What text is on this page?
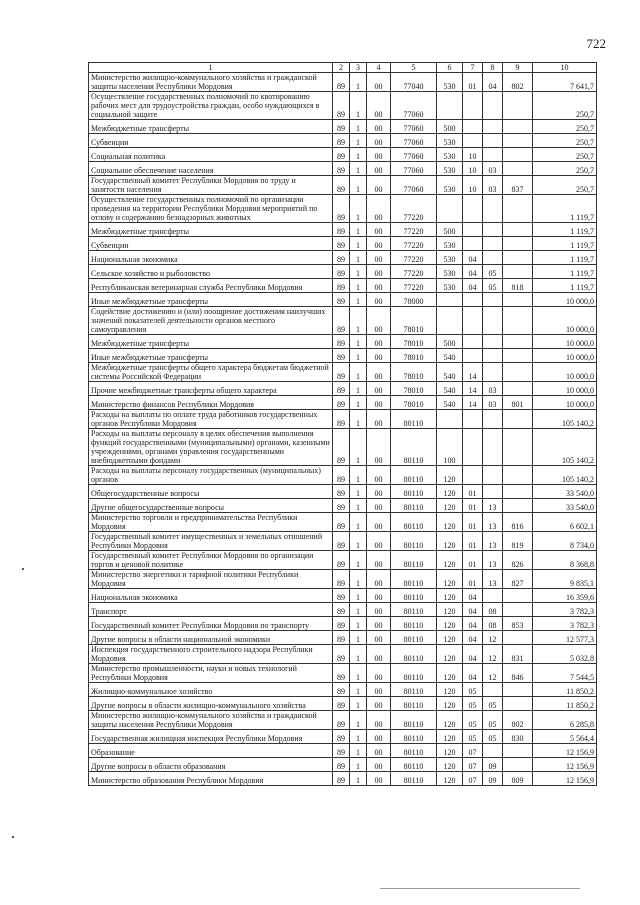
722
1	2	3	4	5	6	7	8	9	10
Министерство жилищно-коммунального хозяйства и гражданской защиты населения Республики Мордовия	89	1	00	77040	530	01	04	802	7 641,7
Осуществление государственных полномочий по квотированию рабочих мест для трудоустройства граждан, особо нуждающихся в социальной защите	89	1	00	77060					250,7
Межбюджетные трансферты	89	1	00	77060	500				250,7
Субвенции	89	1	00	77060	530				250,7
Социальная политика	89	1	00	77060	530	10			250,7
Социальное обеспечение населения	89	1	00	77060	530	10	03		250,7
Государственный комитет Республики Мордовия по труду и занятости населения	89	1	00	77060	530	10	03	837	250,7
Осуществление государственных полномочий по организации проведения на территории Республики Мордовия мероприятий по отлову и содержанию безнадзорных животных	89	1	00	77220					1 119,7
Межбюджетные трансферты	89	1	00	77220	500				1 119,7
Субвенции	89	1	00	77220	530				1 119,7
Национальная экономика	89	1	00	77220	530	04			1 119,7
Сельское хозяйство и рыболовство	89	1	00	77220	530	04	05		1 119,7
Республиканская ветеринарная служба Республики Мордовия	89	1	00	77220	530	04	05	818	1 119,7
Иные межбюджетные трансферты	89	1	00	78000					10 000,0
Содействие достижению и (или) поощрение достижения наилучших значений показателей деятельности органов местного самоуправления	89	1	00	78010					10 000,0
Межбюджетные трансферты	89	1	00	78010	500				10 000,0
Иные межбюджетные трансферты	89	1	00	78010	540				10 000,0
Межбюджетные трансферты общего характера бюджетам бюджетной системы Российской Федерации	89	1	00	78010	540	14			10 000,0
Прочие межбюджетные трансферты общего характера	89	1	00	78010	540	14	03		10 000,0
Министерство финансов Республики Мордовия	89	1	00	78010	540	14	03	801	10 000,0
Расходы на выплаты по оплате труда работников государственных органов Республики Мордовия	89	1	00	80110					105 140,2
Расходы на выплаты персоналу в целях обеспечения выполнения функций государственными (муниципальными) органами, казенными учреждениями, органами управления государственными внебюджетными фондами	89	1	00	80110	100				105 140,2
Расходы на выплаты персоналу государственных (муниципальных) органов	89	1	00	80110	120				105 140,2
Общегосударственные вопросы	89	1	00	80110	120	01			33 540,0
Другие общегосударственные вопросы	89	1	00	80110	120	01	13		33 540,0
Министерство торговли и предпринимательства Республики Мордовия	89	1	00	80110	120	01	13	816	6 602,1
Государственный комитет имущественных и земельных отношений Республики Мордовия	89	1	00	80110	120	01	13	819	8 734,0
Государственный комитет Республики Мордовия по организации торгов и ценовой политике	89	1	00	80110	120	01	13	826	8 368,8
Министерство энергетики и тарифной политики Республики Мордовия	89	1	00	80110	120	01	13	827	9 835,1
Национальная экономика	89	1	00	80110	120	04			16 359,6
Транспорт	89	1	00	80110	120	04	08		3 782,3
Государственный комитет Республики Мордовия по транспорту	89	1	00	80110	120	04	08	853	3 782,3
Другие вопросы в области национальной экономики	89	1	00	80110	120	04	12		12 577,3
Инспекция государственного строительного надзора Республики Мордовия	89	1	00	80110	120	04	12	831	5 032,8
Министерство промышленности, науки и новых технологий Республики Мордовия	89	1	00	80110	120	04	12	846	7 544,5
Жилищно-коммунальное хозяйство	89	1	00	80110	120	05			11 850,2
Другие вопросы в области жилищно-коммунального хозяйства	89	1	00	80110	120	05	05		11 850,2
Министерство жилищно-коммунального хозяйства и гражданской защиты населения Республики Мордовия	89	1	00	80110	120	05	05	802	6 285,8
Государственная жилищная инспекция Республики Мордовия	89	1	00	80110	120	05	05	830	5 564,4
Образование	89	1	00	80110	120	07			12 156,9
Другие вопросы в области образования	89	1	00	80110	120	07	09		12 156,9
Министерство образования Республики Мордовия	89	1	00	80110	120	07	09	809	12 156,9
